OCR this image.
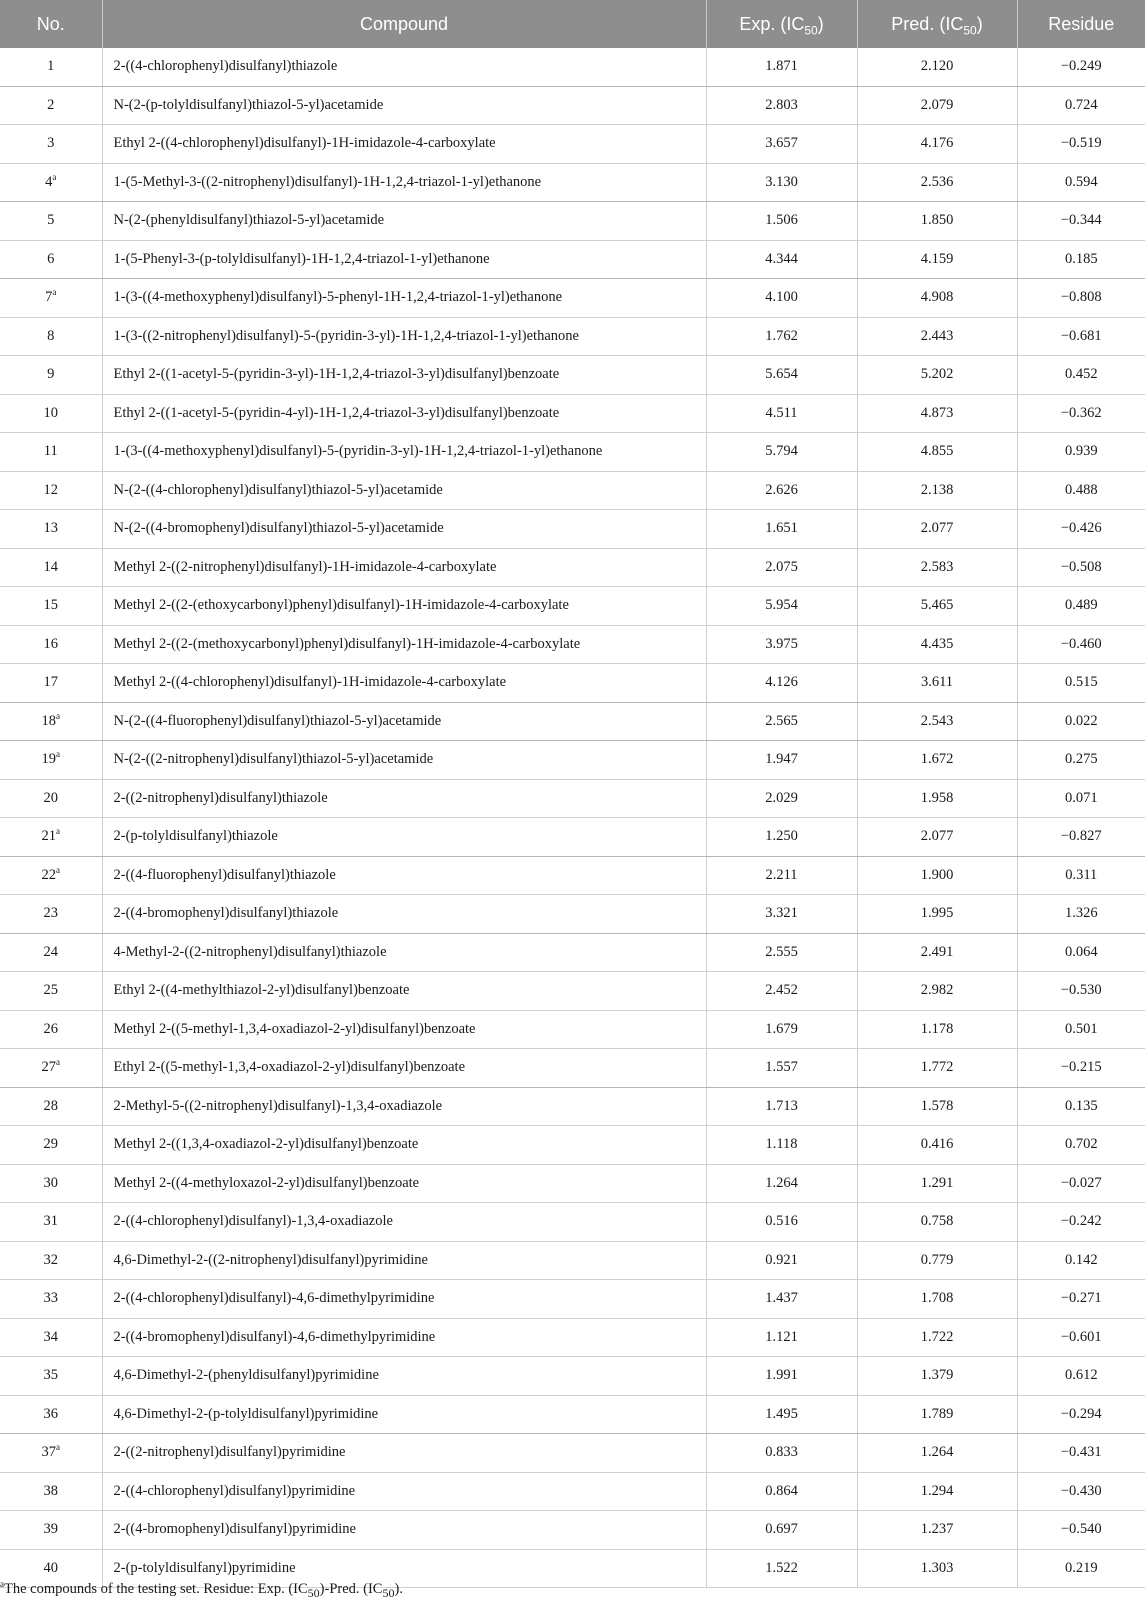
No.	Compound	Exp. $(IC_{50})$	Pred. $(IC_{50})$	Residue
1	2-((4-chlorophenyl)disulfanyl)thiazole	1.871	2.120	−0.249
2	N-(2-(p-tolyldisulfanyl)thiazol-5-yl)acetamide	2.803	2.079	0.724
3	Ethyl 2-((4-chlorophenyl)disulfanyl)-1H-imidazole-4-carboxylate	3.657	4.176	−0.519
4$^a$	1-(5-Methyl-3-((2-nitrophenyl)disulfanyl)-1H-1,2,4-triazol-1-yl)ethanone	3.130	2.536	0.594
5	N-(2-(phenyldisulfanyl)thiazol-5-yl)acetamide	1.506	1.850	−0.344
6	1-(5-Phenyl-3-(p-tolyldisulfanyl)-1H-1,2,4-triazol-1-yl)ethanone	4.344	4.159	0.185
7$^a$	1-(3-((4-methoxyphenyl)disulfanyl)-5-phenyl-1H-1,2,4-triazol-1-yl)ethanone	4.100	4.908	−0.808
8	1-(3-((2-nitrophenyl)disulfanyl)-5-(pyridin-3-yl)-1H-1,2,4-triazol-1-yl)ethanone	1.762	2.443	−0.681
9	Ethyl 2-((1-acetyl-5-(pyridin-3-yl)-1H-1,2,4-triazol-3-yl)disulfanyl)benzoate	5.654	5.202	0.452
10	Ethyl 2-((1-acetyl-5-(pyridin-4-yl)-1H-1,2,4-triazol-3-yl)disulfanyl)benzoate	4.511	4.873	−0.362
11	1-(3-((4-methoxyphenyl)disulfanyl)-5-(pyridin-3-yl)-1H-1,2,4-triazol-1-yl)ethanone	5.794	4.855	0.939
12	N-(2-((4-chlorophenyl)disulfanyl)thiazol-5-yl)acetamide	2.626	2.138	0.488
13	N-(2-((4-bromophenyl)disulfanyl)thiazol-5-yl)acetamide	1.651	2.077	−0.426
14	Methyl 2-((2-nitrophenyl)disulfanyl)-1H-imidazole-4-carboxylate	2.075	2.583	−0.508
15	Methyl 2-((2-(ethoxycarbonyl)phenyl)disulfanyl)-1H-imidazole-4-carboxylate	5.954	5.465	0.489
16	Methyl 2-((2-(methoxycarbonyl)phenyl)disulfanyl)-1H-imidazole-4-carboxylate	3.975	4.435	−0.460
17	Methyl 2-((4-chlorophenyl)disulfanyl)-1H-imidazole-4-carboxylate	4.126	3.611	0.515
18$^a$	N-(2-((4-fluorophenyl)disulfanyl)thiazol-5-yl)acetamide	2.565	2.543	0.022
19$^a$	N-(2-((2-nitrophenyl)disulfanyl)thiazol-5-yl)acetamide	1.947	1.672	0.275
20	2-((2-nitrophenyl)disulfanyl)thiazole	2.029	1.958	0.071
21$^a$	2-(p-tolyldisulfanyl)thiazole	1.250	2.077	−0.827
22$^a$	2-((4-fluorophenyl)disulfanyl)thiazole	2.211	1.900	0.311
23	2-((4-bromophenyl)disulfanyl)thiazole	3.321	1.995	1.326
24	4-Methyl-2-((2-nitrophenyl)disulfanyl)thiazole	2.555	2.491	0.064
25	Ethyl 2-((4-methylthiazol-2-yl)disulfanyl)benzoate	2.452	2.982	−0.530
26	Methyl 2-((5-methyl-1,3,4-oxadiazol-2-yl)disulfanyl)benzoate	1.679	1.178	0.501
27$^a$	Ethyl 2-((5-methyl-1,3,4-oxadiazol-2-yl)disulfanyl)benzoate	1.557	1.772	−0.215
28	2-Methyl-5-((2-nitrophenyl)disulfanyl)-1,3,4-oxadiazole	1.713	1.578	0.135
29	Methyl 2-((1,3,4-oxadiazol-2-yl)disulfanyl)benzoate	1.118	0.416	0.702
30	Methyl 2-((4-methyloxazol-2-yl)disulfanyl)benzoate	1.264	1.291	−0.027
31	2-((4-chlorophenyl)disulfanyl)-1,3,4-oxadiazole	0.516	0.758	−0.242
32	4,6-Dimethyl-2-((2-nitrophenyl)disulfanyl)pyrimidine	0.921	0.779	0.142
33	2-((4-chlorophenyl)disulfanyl)-4,6-dimethylpyrimidine	1.437	1.708	−0.271
34	2-((4-bromophenyl)disulfanyl)-4,6-dimethylpyrimidine	1.121	1.722	−0.601
35	4,6-Dimethyl-2-(phenyldisulfanyl)pyrimidine	1.991	1.379	0.612
36	4,6-Dimethyl-2-(p-tolyldisulfanyl)pyrimidine	1.495	1.789	−0.294
37$^a$	2-((2-nitrophenyl)disulfanyl)pyrimidine	0.833	1.264	−0.431
38	2-((4-chlorophenyl)disulfanyl)pyrimidine	0.864	1.294	−0.430
39	2-((4-bromophenyl)disulfanyl)pyrimidine	0.697	1.237	−0.540
40	2-(p-tolyldisulfanyl)pyrimidine	1.522	1.303	0.219
$^a$The compounds of the testing set. Residue: Exp. $(IC_{50})$-Pred. $(IC_{50})$.
